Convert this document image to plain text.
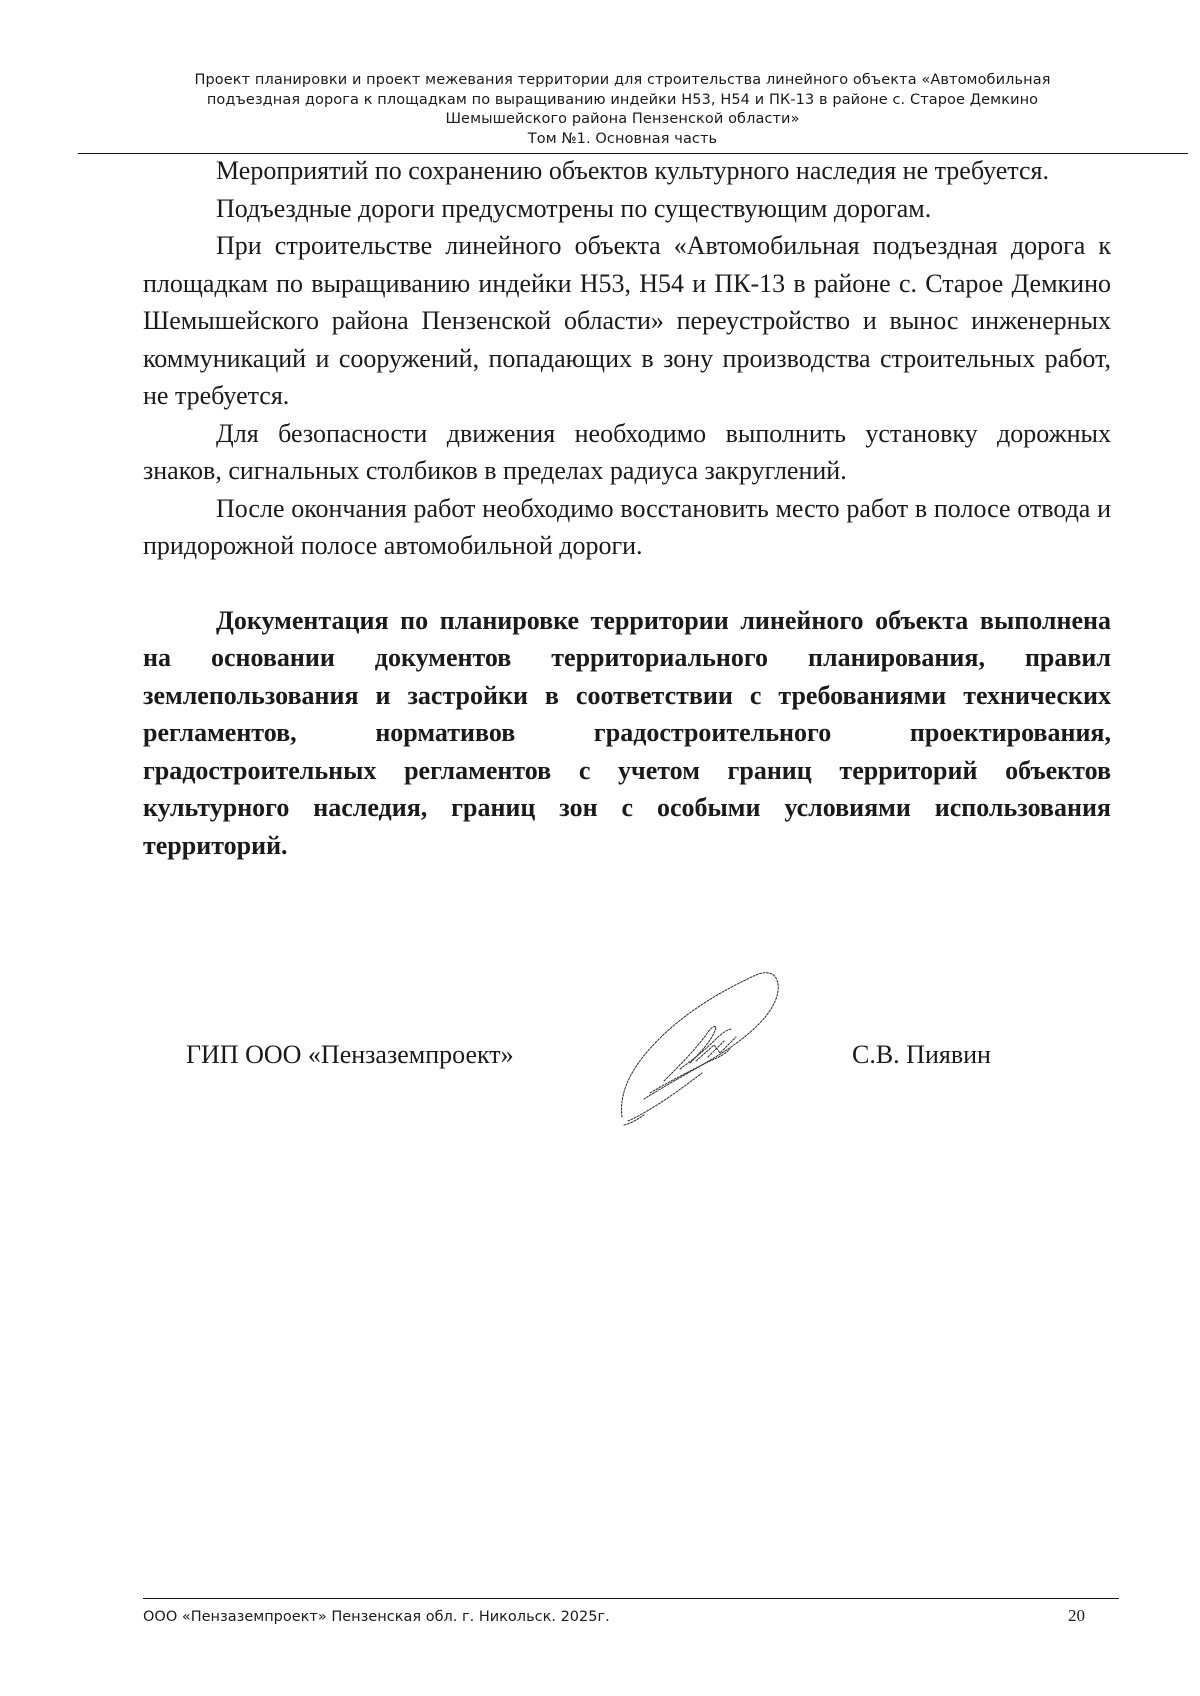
Проект планировки и проект межевания территории для строительства линейного объекта «Автомобильная
подъездная дорога к площадкам по выращиванию индейки Н53, Н54 и ПК-13 в районе с. Старое Демкино
Шемышейского района Пензенской области»
Том №1. Основная часть

Мероприятий по сохранению объектов культурного наследия не требуется.

Подъездные дороги предусмотрены по существующим дорогам.

При строительстве линейного объекта «Автомобильная подъездная дорога к площадкам по выращиванию индейки Н53, Н54 и ПК-13 в районе с. Старое Демкино Шемышейского района Пензенской области» переустройство и вынос инженерных коммуникаций и сооружений, попадающих в зону производства строительных работ, не требуется.

Для безопасности движения необходимо выполнить установку дорожных знаков, сигнальных столбиков в пределах радиуса закруглений.

После окончания работ необходимо восстановить место работ в полосе отвода и придорожной полосе автомобильной дороги.

Документация по планировке территории линейного объекта выполнена на основании документов территориального планирования, правил землепользования и застройки в соответствии с требованиями технических регламентов, нормативов градостроительного проектирования, градостроительных регламентов с учетом границ территорий объектов культурного наследия, границ зон с особыми условиями использования территорий.

ГИП ООО «Пензаземпроект»	С.В. Пиявин
ООО «Пензаземпроект» Пензенская обл. г. Никольск. 2025г.	20
